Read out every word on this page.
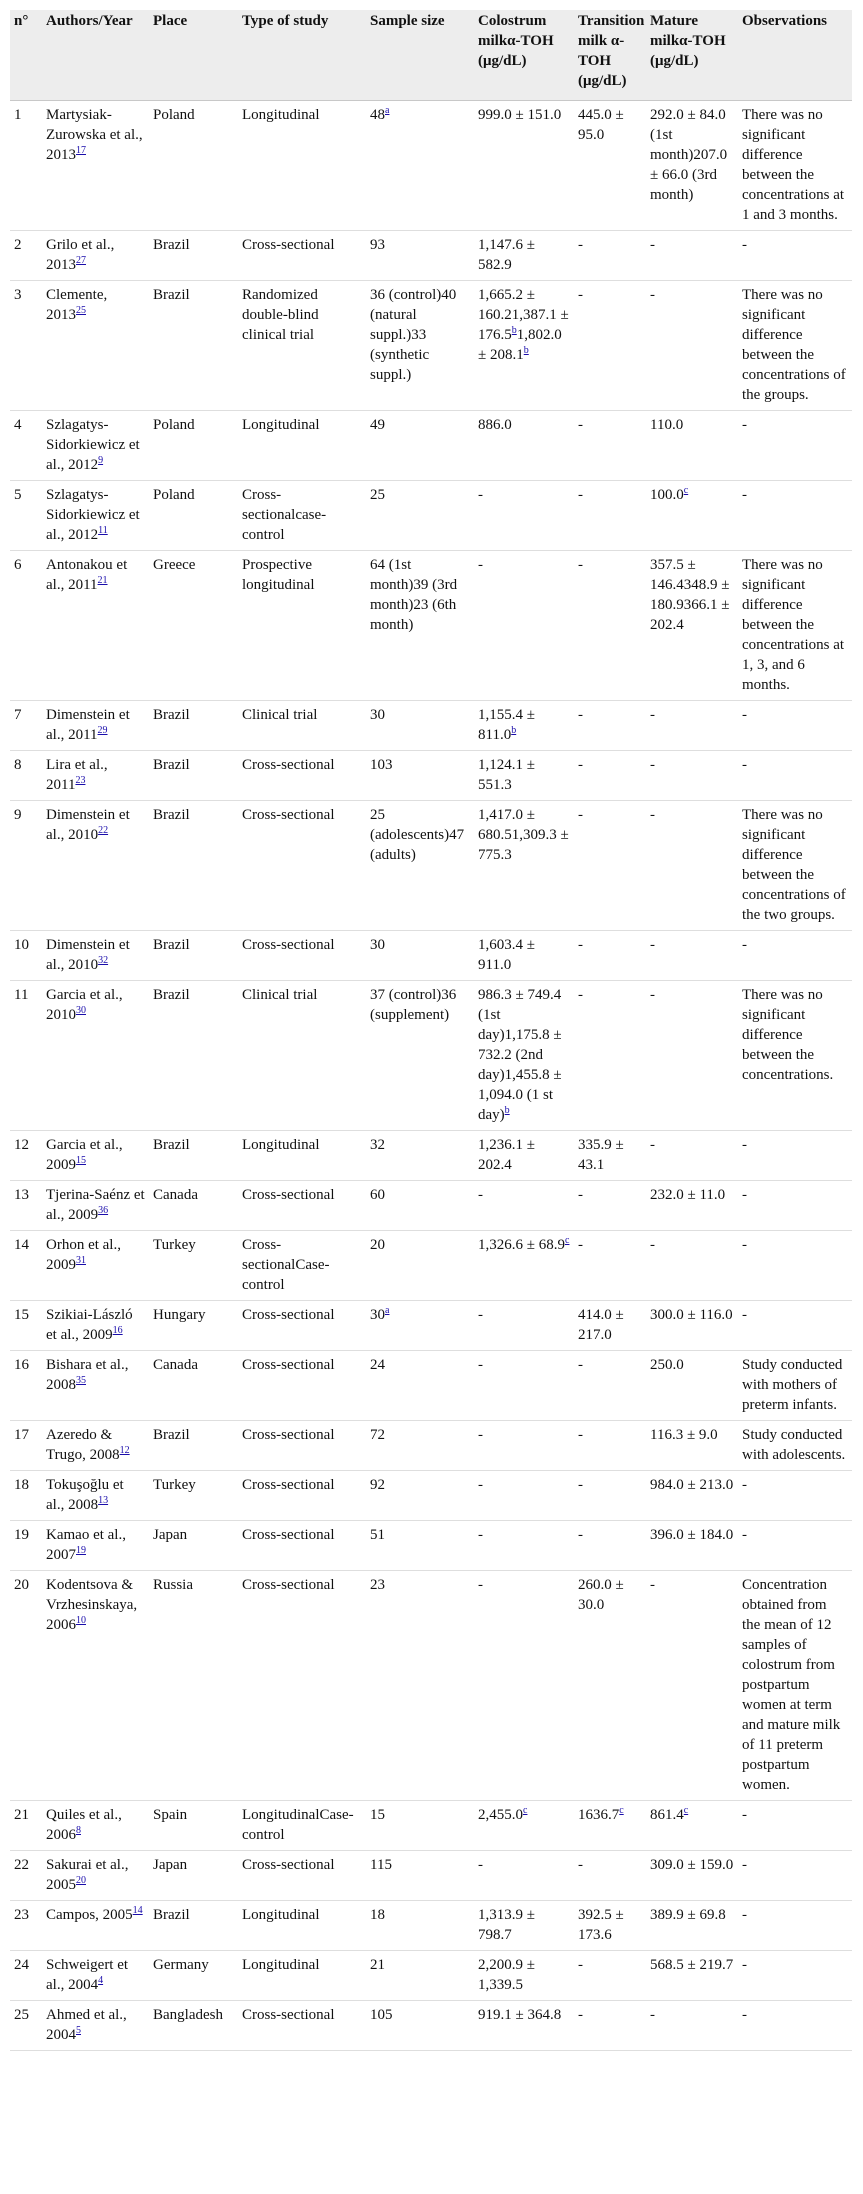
n°	Authors/Year	Place	Type of study	Sample size	Colostrum milkα-TOH (μg/dL)	Transition milk α-TOH (μg/dL)	Mature milkα-TOH (μg/dL)	Observations
1	Martysiak-Zurowska et al., 2013$^{17}$	Poland	Longitudinal	48$^a$	999.0 ± 151.0	445.0 ± 95.0	292.0 ± 84.0 (1st month)207.0 ± 66.0 (3rd month)	There was no significant difference between the concentrations at 1 and 3 months.
2	Grilo et al., 2013$^{27}$	Brazil	Cross-sectional	93	1,147.6 ± 582.9	-	-	-
3	Clemente, 2013$^{25}$	Brazil	Randomized double-blind clinical trial	36 (control)40 (natural suppl.)33 (synthetic suppl.)	1,665.2 ± 160.21,387.1 ± 176.5$^b$1,802.0 ± 208.1$^b$	-	-	There was no significant difference between the concentrations of the groups.
4	Szlagatys-Sidorkiewicz et al., 2012$^9$	Poland	Longitudinal	49	886.0	-	110.0	-
5	Szlagatys-Sidorkiewicz et al., 2012$^{11}$	Poland	Cross-sectionalcase-control	25	-	-	100.0$^c$	-
6	Antonakou et al., 2011$^{21}$	Greece	Prospective longitudinal	64 (1st month)39 (3rd month)23 (6th month)	-	-	357.5 ± 146.4348.9 ± 180.9366.1 ± 202.4	There was no significant difference between the concentrations at 1, 3, and 6 months.
7	Dimenstein et al., 2011$^{29}$	Brazil	Clinical trial	30	1,155.4 ± 811.0$^b$	-	-	-
8	Lira et al., 2011$^{23}$	Brazil	Cross-sectional	103	1,124.1 ± 551.3	-	-	-
9	Dimenstein et al., 2010$^{22}$	Brazil	Cross-sectional	25 (adolescents)47 (adults)	1,417.0 ± 680.51,309.3 ± 775.3	-	-	There was no significant difference between the concentrations of the two groups.
10	Dimenstein et al., 2010$^{32}$	Brazil	Cross-sectional	30	1,603.4 ± 911.0	-	-	-
11	Garcia et al., 2010$^{30}$	Brazil	Clinical trial	37 (control)36 (supplement)	986.3 ± 749.4 (1st day)1,175.8 ± 732.2 (2nd day)1,455.8 ± 1,094.0 (1 st day)$^b$	-	-	There was no significant difference between the concentrations.
12	Garcia et al., 2009$^{15}$	Brazil	Longitudinal	32	1,236.1 ± 202.4	335.9 ± 43.1	-	-
13	Tjerina-Saénz et al., 2009$^{36}$	Canada	Cross-sectional	60	-	-	232.0 ± 11.0	-
14	Orhon et al., 2009$^{31}$	Turkey	Cross-sectionalCase-control	20	1,326.6 ± 68.9$^c$	-	-	-
15	Szikiai-László et al., 2009$^{16}$	Hungary	Cross-sectional	30$^a$	-	414.0 ± 217.0	300.0 ± 116.0	-
16	Bishara et al., 2008$^{35}$	Canada	Cross-sectional	24	-	-	250.0	Study conducted with mothers of preterm infants.
17	Azeredo & Trugo, 2008$^{12}$	Brazil	Cross-sectional	72	-	-	116.3 ± 9.0	Study conducted with adolescents.
18	Tokuşoğlu et al., 2008$^{13}$	Turkey	Cross-sectional	92	-	-	984.0 ± 213.0	-
19	Kamao et al., 2007$^{19}$	Japan	Cross-sectional	51	-	-	396.0 ± 184.0	-
20	Kodentsova & Vrzhesinskaya, 2006$^{10}$	Russia	Cross-sectional	23	-	260.0 ± 30.0	-	Concentration obtained from the mean of 12 samples of colostrum from postpartum women at term and mature milk of 11 preterm postpartum women.
21	Quiles et al., 2006$^8$	Spain	LongitudinalCase-control	15	2,455.0$^c$	1636.7$^c$	861.4$^c$	-
22	Sakurai et al., 2005$^{20}$	Japan	Cross-sectional	115	-	-	309.0 ± 159.0	-
23	Campos, 2005$^{14}$	Brazil	Longitudinal	18	1,313.9 ± 798.7	392.5 ± 173.6	389.9 ± 69.8	-
24	Schweigert et al., 2004$^4$	Germany	Longitudinal	21	2,200.9 ± 1,339.5	-	568.5 ± 219.7	-
25	Ahmed et al., 2004$^5$	Bangladesh	Cross-sectional	105	919.1 ± 364.8	-	-	-
